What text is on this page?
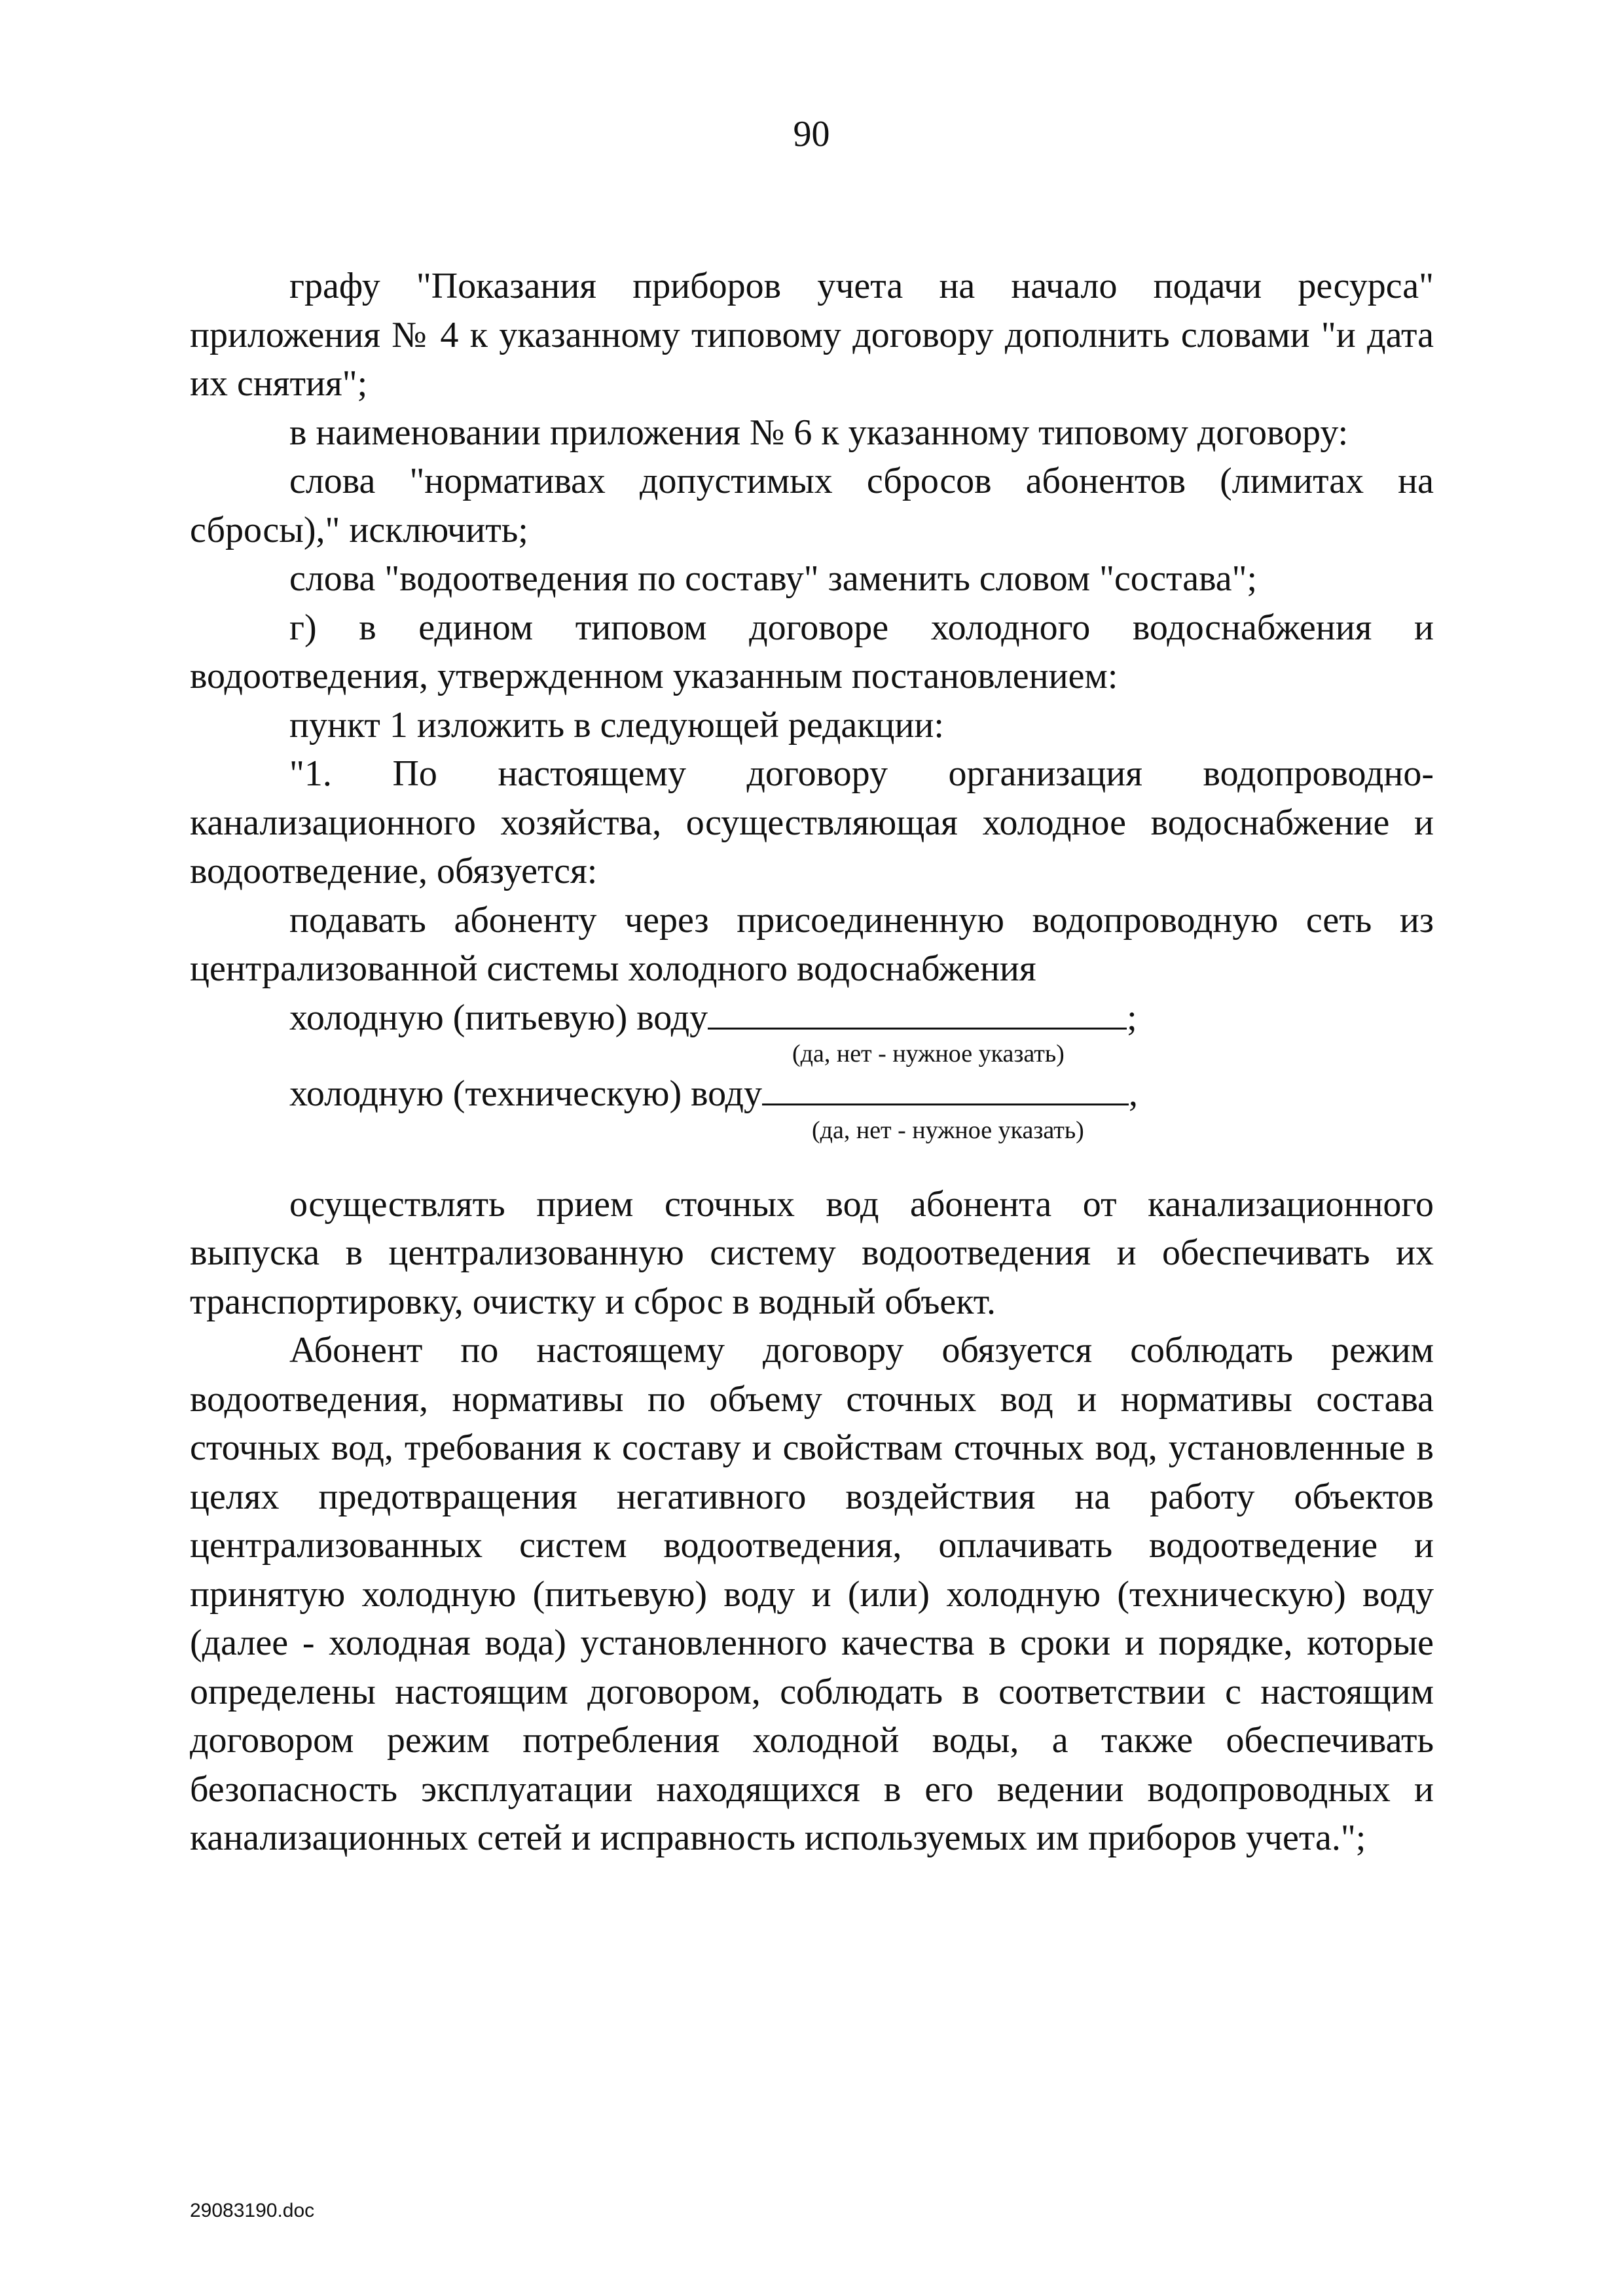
90

графу "Показания приборов учета на начало подачи ресурса" приложения № 4 к указанному типовому договору дополнить словами "и дата их снятия";

в наименовании приложения № 6 к указанному типовому договору:

слова "нормативах допустимых сбросов абонентов (лимитах на сбросы)," исключить;

слова "водоотведения по составу" заменить словом "состава";

г) в едином типовом договоре холодного водоснабжения и водоотведения, утвержденном указанным постановлением:

пункт 1 изложить в следующей редакции:

"1. По настоящему договору организация водопроводно-канализационного хозяйства, осуществляющая холодное водоснабжение и водоотведение, обязуется:

подавать абоненту через присоединенную водопроводную сеть из централизованной системы холодного водоснабжения

холодную (питьевую) воду	;
(да, нет - нужное указать)
холодную (техническую) воду	,
(да, нет - нужное указать)

осуществлять прием сточных вод абонента от канализационного выпуска в централизованную систему водоотведения и обеспечивать их транспортировку, очистку и сброс в водный объект.

Абонент по настоящему договору обязуется соблюдать режим водоотведения, нормативы по объему сточных вод и нормативы состава сточных вод, требования к составу и свойствам сточных вод, установленные в целях предотвращения негативного воздействия на работу объектов централизованных систем водоотведения, оплачивать водоотведение и принятую холодную (питьевую) воду и (или) холодную (техническую) воду (далее - холодная вода) установленного качества в сроки и порядке, которые определены настоящим договором, соблюдать в соответствии с настоящим договором режим потребления холодной воды, а также обеспечивать безопасность эксплуатации находящихся в его ведении водопроводных и канализационных сетей и исправность используемых им приборов учета.";

29083190.doc
